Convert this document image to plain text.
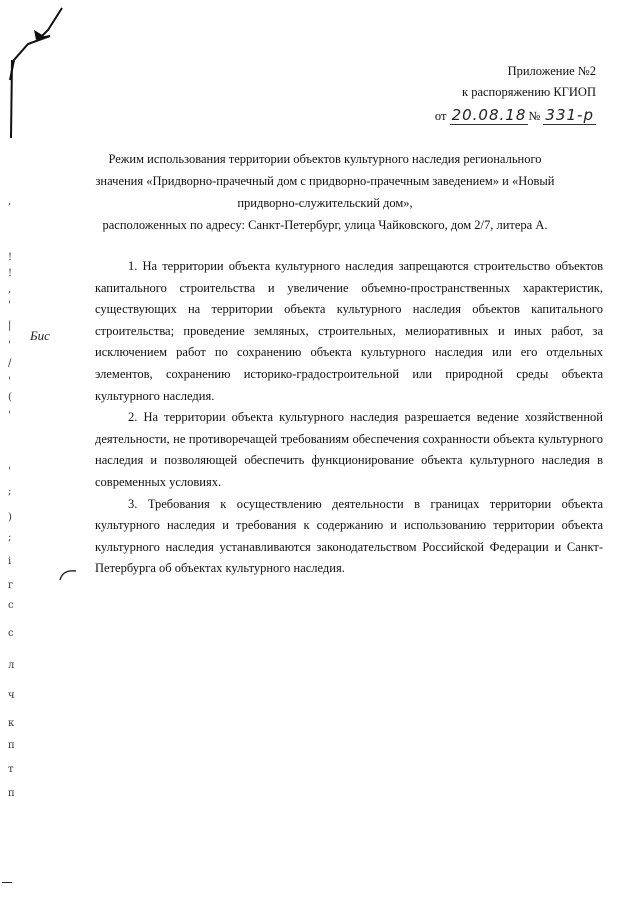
,
!
!
,
'
|
'
/
'
(
'
'
;
)
;
i
г
c
с
л
ч
к
п
т
п
Бис
Приложение №2
к распоряжению КГИОП
от 20.08.18 № 331-р
Режим использования территории объектов культурного наследия регионального
значения «Придворно-прачечный дом с придворно-прачечным заведением» и «Новый
придворно-служительский дом»,
расположенных по адресу: Санкт-Петербург, улица Чайковского, дом 2/7, литера А.

1. На территории объекта культурного наследия запрещаются строительство объектов капитального строительства и увеличение объемно-пространственных характеристик, существующих на территории объекта культурного наследия объектов капитального строительства; проведение земляных, строительных, мелиоративных и иных работ, за исключением работ по сохранению объекта культурного наследия или его отдельных элементов, сохранению историко-градостроительной или природной среды объекта культурного наследия.

2. На территории объекта культурного наследия разрешается ведение хозяйственной деятельности, не противоречащей требованиям обеспечения сохранности объекта культурного наследия и позволяющей обеспечить функционирование объекта культурного наследия в современных условиях.

3. Требования к осуществлению деятельности в границах территории объекта культурного наследия и требования к содержанию и использованию территории объекта культурного наследия устанавливаются законодательством Российской Федерации и Санкт-Петербурга об объектах культурного наследия.
